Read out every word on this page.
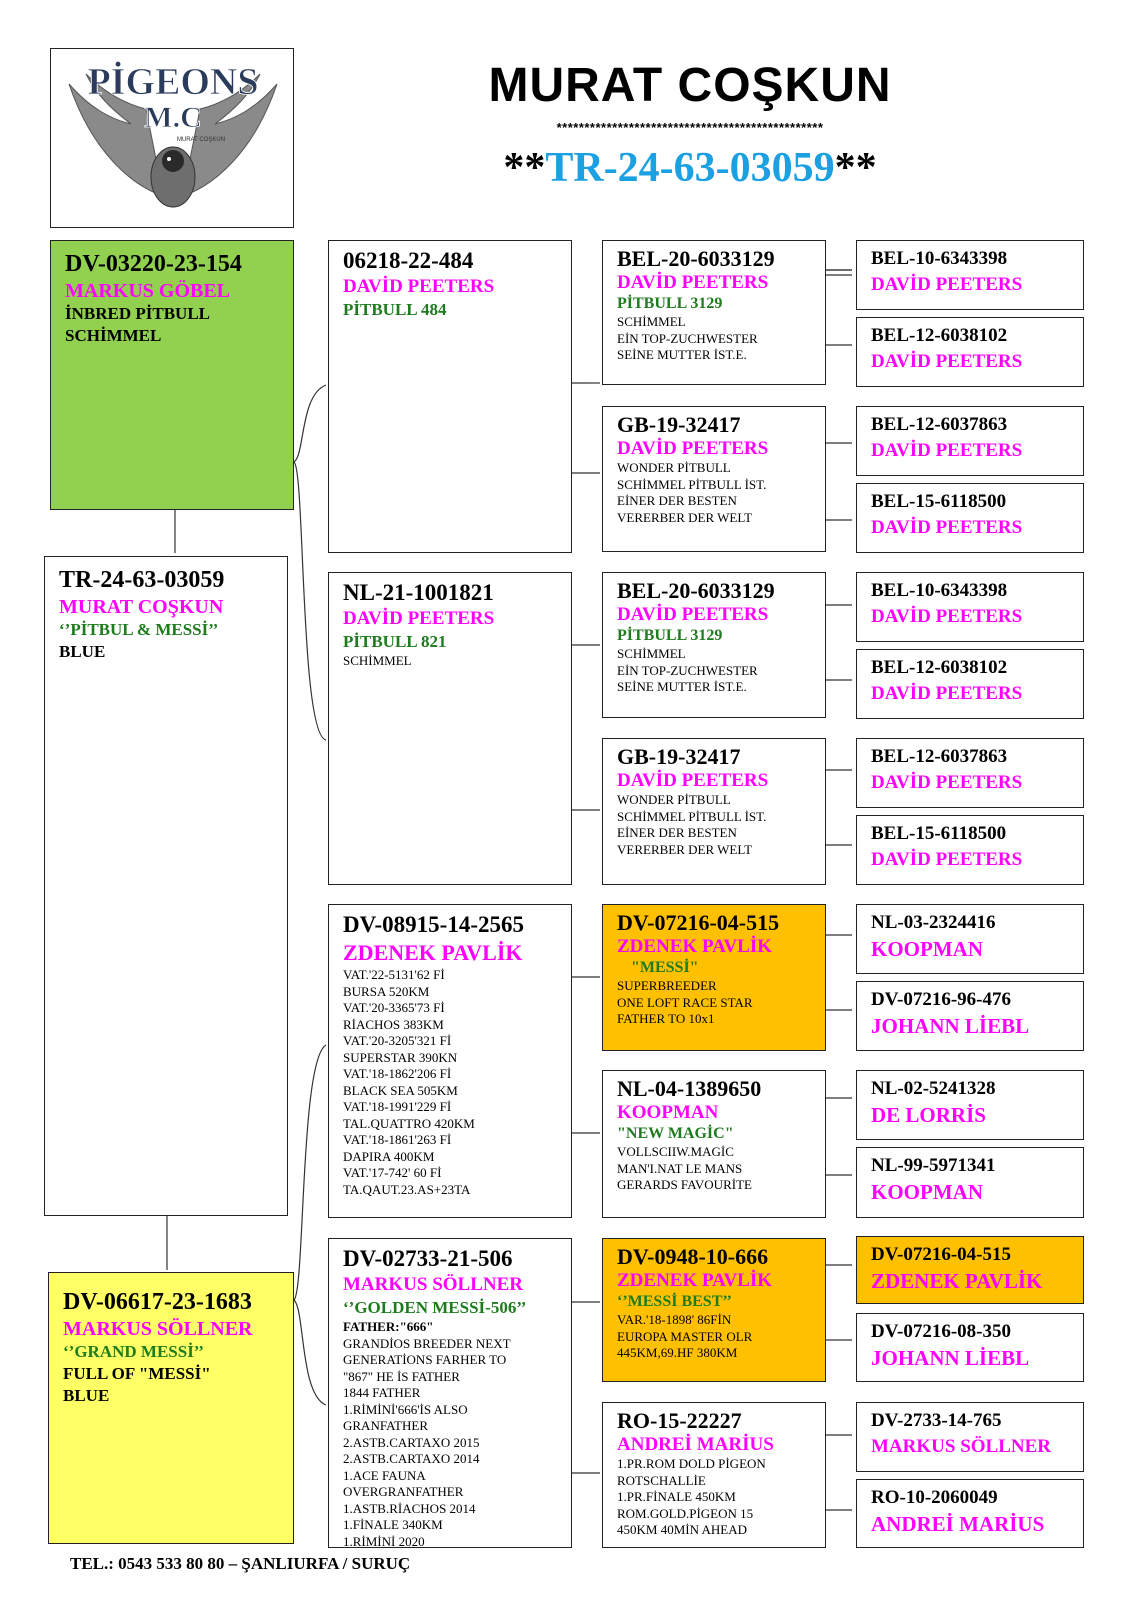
PİGEONS
M.C
MURAT COŞKUN
MURAT COŞKUN
************************************************
**TR-24-63-03059**
DV-03220-23-154
MARKUS GÖBEL
İNBRED PİTBULL
SCHİMMEL
TR-24-63-03059
MURAT COŞKUN
‘’PİTBUL & MESSİ’’
BLUE
DV-06617-23-1683
MARKUS SÖLLNER
‘’GRAND MESSİ’’
FULL OF "MESSİ"
BLUE
06218-22-484
DAVİD PEETERS
PİTBULL 484
NL-21-1001821
DAVİD PEETERS
PİTBULL 821
SCHİMMEL
DV-08915-14-2565
ZDENEK PAVLİK
VAT.'22-5131'62 Fİ
BURSA 520KM
VAT.'20-3365'73 Fİ
RİACHOS 383KM
VAT.'20-3205'321 Fİ
SUPERSTAR 390KN
VAT.'18-1862'206 Fİ
BLACK SEA 505KM
VAT.'18-1991'229 Fİ
TAL.QUATTRO 420KM
VAT.'18-1861'263 Fİ
DAPIRA 400KM
VAT.'17-742' 60 Fİ
TA.QAUT.23.AS+23TA
DV-02733-21-506
MARKUS SÖLLNER
‘’GOLDEN MESSİ-506’’
FATHER:"666"
GRANDİOS BREEDER NEXT
GENERATİONS FARHER TO
"867" HE İS FATHER
1844 FATHER
1.RİMİNİ'666'İS ALSO
GRANFATHER
2.ASTB.CARTAXO 2015
2.ASTB.CARTAXO 2014
1.ACE FAUNA
OVERGRANFATHER
1.ASTB.RİACHOS 2014
1.FİNALE 340KM
1.RİMİNİ 2020
BEL-20-6033129
DAVİD PEETERS
PİTBULL 3129
SCHİMMEL
EİN TOP-ZUCHWESTER
SEİNE MUTTER İST.E.
GB-19-32417
DAVİD PEETERS
WONDER PİTBULL
SCHİMMEL PİTBULL İST.
EİNER DER BESTEN
VERERBER DER WELT
BEL-20-6033129
DAVİD PEETERS
PİTBULL 3129
SCHİMMEL
EİN TOP-ZUCHWESTER
SEİNE MUTTER İST.E.
GB-19-32417
DAVİD PEETERS
WONDER PİTBULL
SCHİMMEL PİTBULL İST.
EİNER DER BESTEN
VERERBER DER WELT
DV-07216-04-515
ZDENEK PAVLİK
"MESSİ"
SUPERBREEDER
ONE LOFT RACE STAR
FATHER TO 10x1
NL-04-1389650
KOOPMAN
"NEW MAGİC"
VOLLSCIIW.MAGİC
MAN'I.NAT LE MANS
GERARDS FAVOURİTE
DV-0948-10-666
ZDENEK PAVLİK
‘’MESSİ BEST’’
VAR.'18-1898' 86FİN
EUROPA MASTER OLR
445KM,69.HF 380KM
RO-15-22227
ANDREİ MARİUS
1.PR.ROM DOLD PİGEON
ROTSCHALLİE
1.PR.FİNALE 450KM
ROM.GOLD.PİGEON 15
450KM 40MİN AHEAD
BEL-10-6343398
DAVİD PEETERS
BEL-12-6038102
DAVİD PEETERS
BEL-12-6037863
DAVİD PEETERS
BEL-15-6118500
DAVİD PEETERS
BEL-10-6343398
DAVİD PEETERS
BEL-12-6038102
DAVİD PEETERS
BEL-12-6037863
DAVİD PEETERS
BEL-15-6118500
DAVİD PEETERS
NL-03-2324416
KOOPMAN
DV-07216-96-476
JOHANN LİEBL
NL-02-5241328
DE LORRİS
NL-99-5971341
KOOPMAN
DV-07216-04-515
ZDENEK PAVLİK
DV-07216-08-350
JOHANN LİEBL
DV-2733-14-765
MARKUS SÖLLNER
RO-10-2060049
ANDREİ MARİUS
TEL.: 0543 533 80 80 – ŞANLIURFA / SURUÇ
